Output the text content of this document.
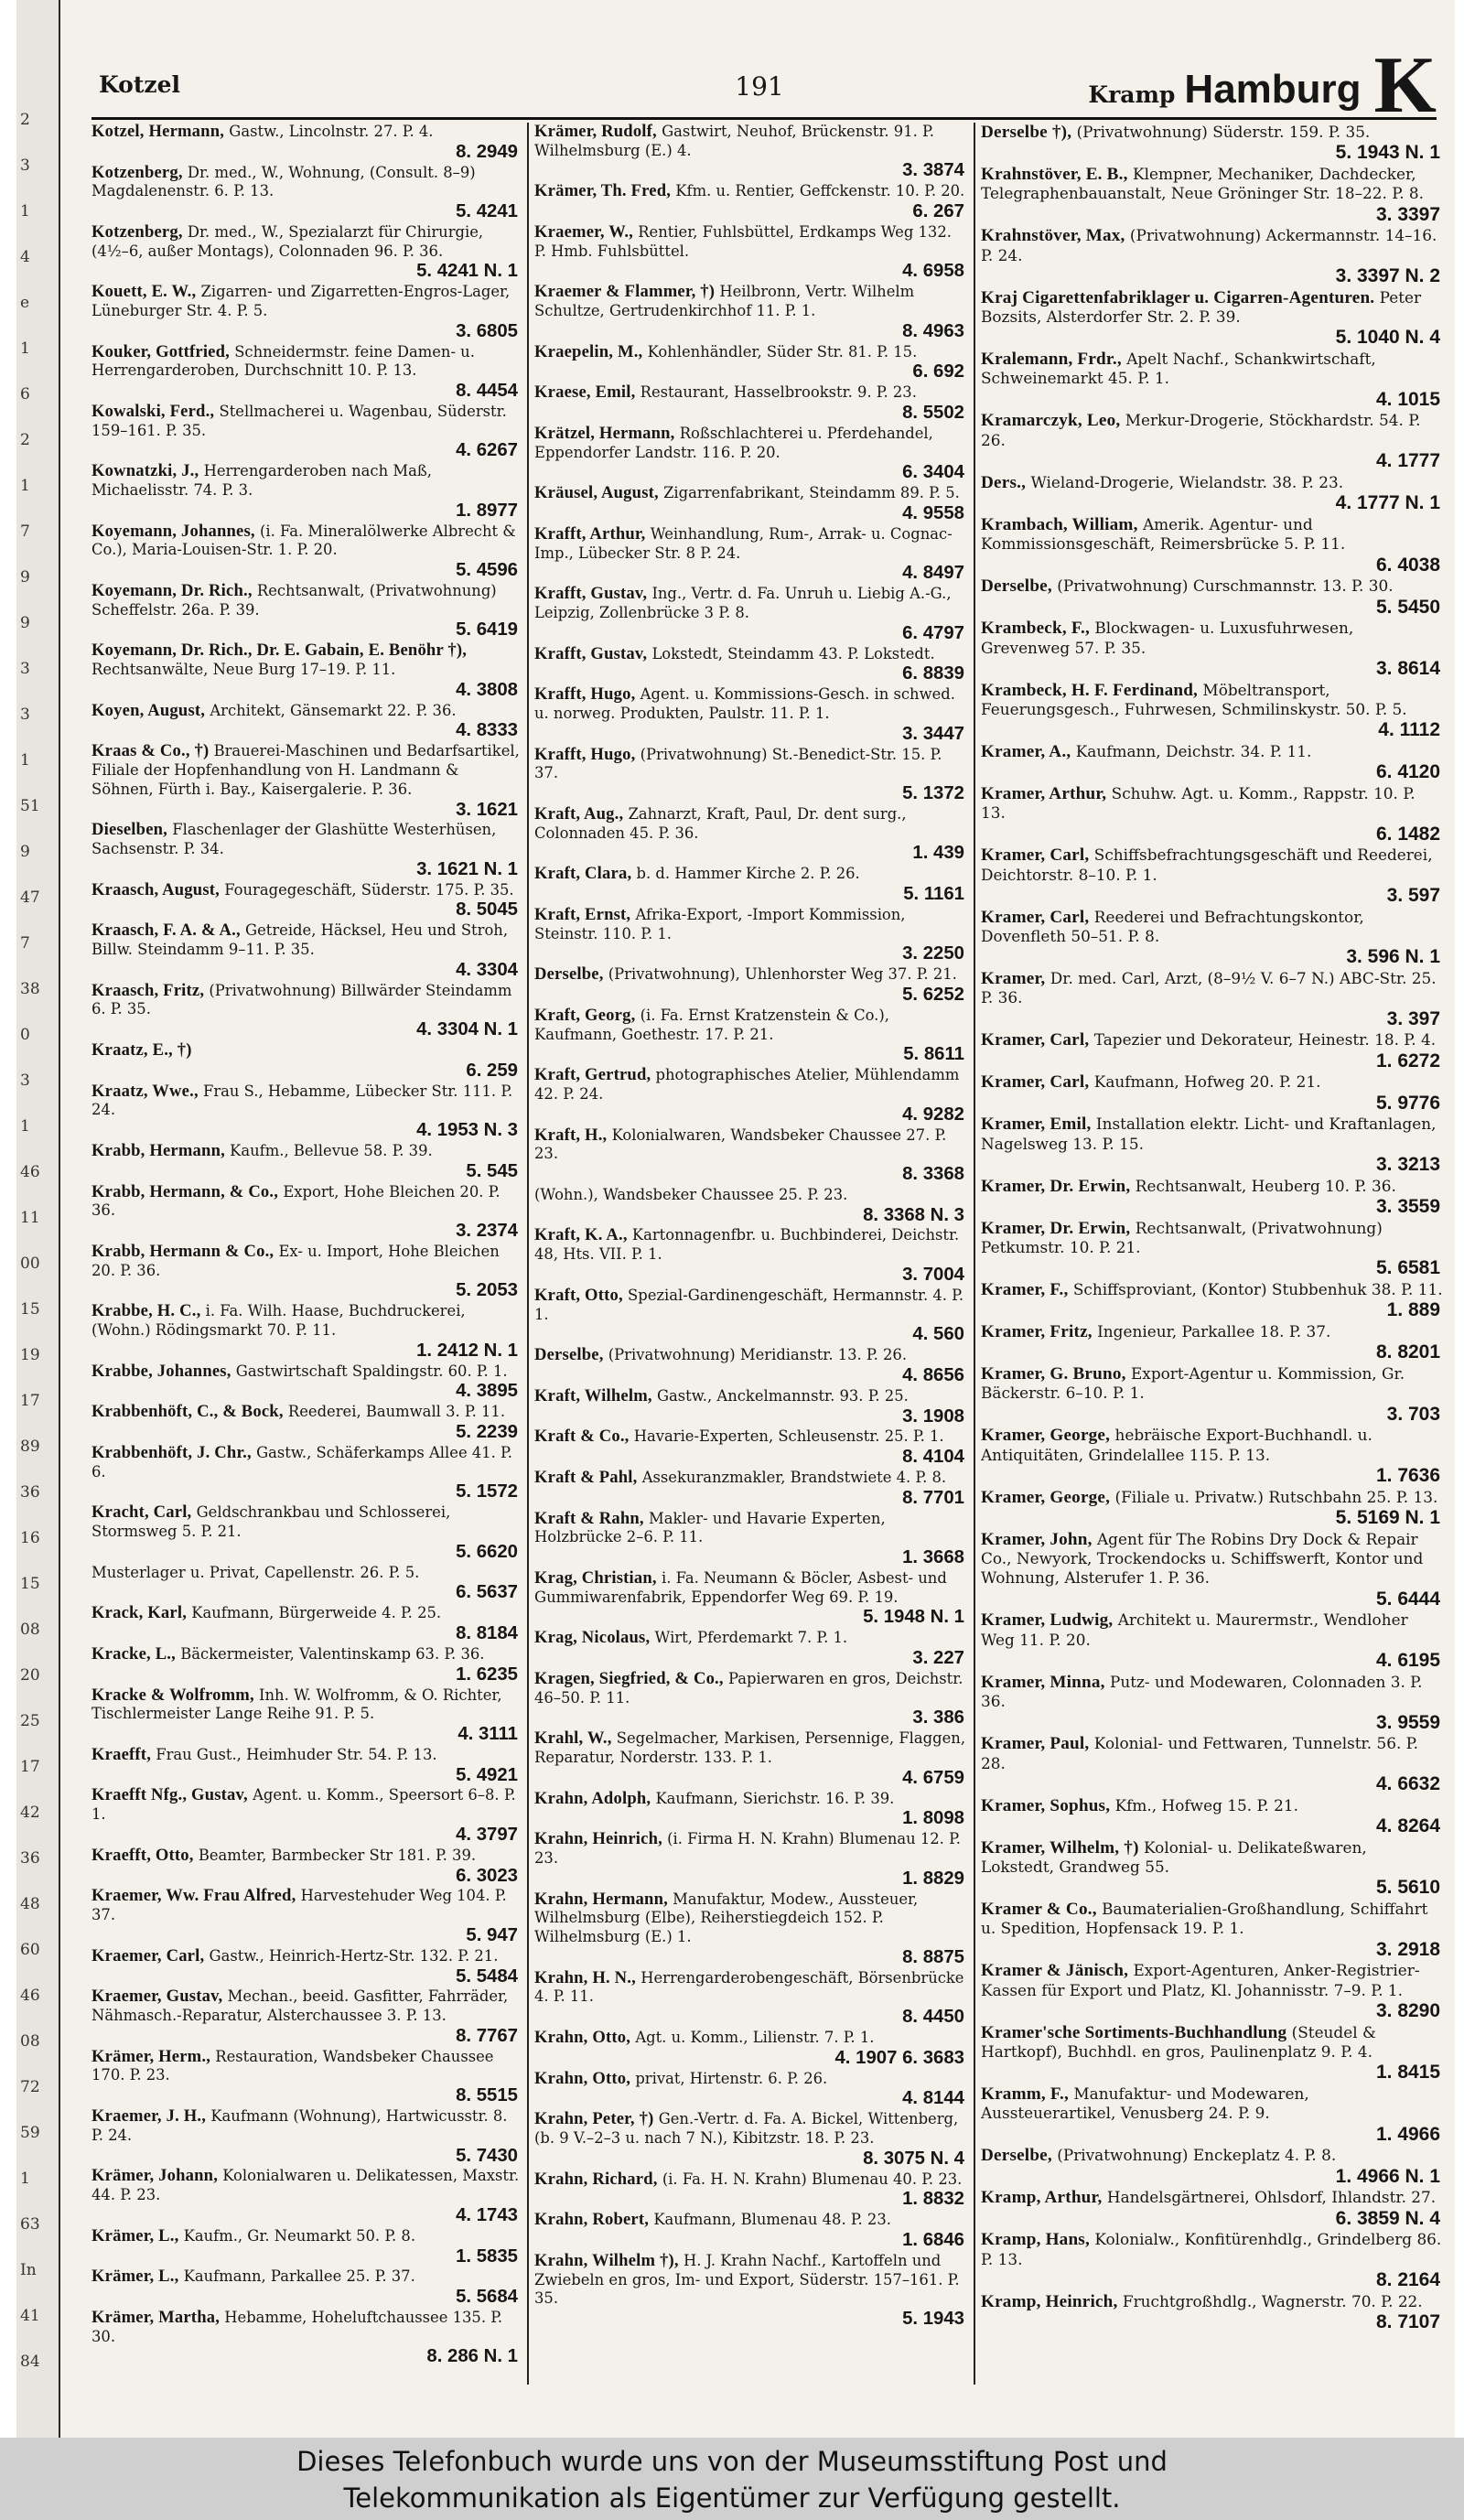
2
3
1
4
e
1
6
2
1
7
9
9
3
3
1
51
9
47
7
38
0
3
1
46
11
00
15
19
17
89
36
16
15
08
20
25
17
42
36
48
60
46
08
72
59
1
63
In
41
84
Kotzel	191	Kramp Hamburg K
Kotzel, Hermann, Gastw., Lincolnstr. 27. P. 4.
8. 2949
Kotzenberg, Dr. med., W., Wohnung, (Consult. 8–9) Magdalenenstr. 6. P. 13.
5. 4241
Kotzenberg, Dr. med., W., Spezialarzt für Chirurgie, (4½–6, außer Montags), Colonnaden 96. P. 36.
5. 4241 N. 1
Kouett, E. W., Zigarren- und Zigarretten-Engros-Lager, Lüneburger Str. 4. P. 5.
3. 6805
Kouker, Gottfried, Schneidermstr. feine Damen- u. Herrengarderoben, Durchschnitt 10. P. 13.
8. 4454
Kowalski, Ferd., Stellmacherei u. Wagenbau, Süderstr. 159–161. P. 35.
4. 6267
Kownatzki, J., Herrengarderoben nach Maß, Michaelisstr. 74. P. 3.
1. 8977
Koyemann, Johannes, (i. Fa. Mineralölwerke Albrecht & Co.), Maria-Louisen-Str. 1. P. 20.
5. 4596
Koyemann, Dr. Rich., Rechtsanwalt, (Privatwohnung) Scheffelstr. 26a. P. 39.
5. 6419
Koyemann, Dr. Rich., Dr. E. Gabain, E. Benöhr †), Rechtsanwälte, Neue Burg 17–19. P. 11.
4. 3808
Koyen, August, Architekt, Gänsemarkt 22. P. 36.
4. 8333
Kraas & Co., †) Brauerei-Maschinen und Bedarfsartikel, Filiale der Hopfenhandlung von H. Landmann & Söhnen, Fürth i. Bay., Kaisergalerie. P. 36.
3. 1621
Dieselben, Flaschenlager der Glashütte Westerhüsen, Sachsenstr. P. 34.
3. 1621 N. 1
Kraasch, August, Fouragegeschäft, Süderstr. 175. P. 35.
8. 5045
Kraasch, F. A. & A., Getreide, Häcksel, Heu und Stroh, Billw. Steindamm 9–11. P. 35.
4. 3304
Kraasch, Fritz, (Privatwohnung) Billwärder Steindamm 6. P. 35.
4. 3304 N. 1
Kraatz, E., †)
6. 259
Kraatz, Wwe., Frau S., Hebamme, Lübecker Str. 111. P. 24.
4. 1953 N. 3
Krabb, Hermann, Kaufm., Bellevue 58. P. 39.
5. 545
Krabb, Hermann, & Co., Export, Hohe Bleichen 20. P. 36.
3. 2374
Krabb, Hermann & Co., Ex- u. Import, Hohe Bleichen 20. P. 36.
5. 2053
Krabbe, H. C., i. Fa. Wilh. Haase, Buchdruckerei, (Wohn.) Rödingsmarkt 70. P. 11.
1. 2412 N. 1
Krabbe, Johannes, Gastwirtschaft Spaldingstr. 60. P. 1.
4. 3895
Krabbenhöft, C., & Bock, Reederei, Baumwall 3. P. 11.
5. 2239
Krabbenhöft, J. Chr., Gastw., Schäferkamps Allee 41. P. 6.
5. 1572
Kracht, Carl, Geldschrankbau und Schlosserei, Stormsweg 5. P. 21.
5. 6620
Musterlager u. Privat, Capellenstr. 26. P. 5.
6. 5637
Krack, Karl, Kaufmann, Bürgerweide 4. P. 25.
8. 8184
Kracke, L., Bäckermeister, Valentinskamp 63. P. 36.
1. 6235
Kracke & Wolfromm, Inh. W. Wolfromm, & O. Richter, Tischlermeister Lange Reihe 91. P. 5.
4. 3111
Kraefft, Frau Gust., Heimhuder Str. 54. P. 13.
5. 4921
Kraefft Nfg., Gustav, Agent. u. Komm., Speersort 6–8. P. 1.
4. 3797
Kraefft, Otto, Beamter, Barmbecker Str 181. P. 39.
6. 3023
Kraemer, Ww. Frau Alfred, Harvestehuder Weg 104. P. 37.
5. 947
Kraemer, Carl, Gastw., Heinrich-Hertz-Str. 132. P. 21.
5. 5484
Kraemer, Gustav, Mechan., beeid. Gasfitter, Fahrräder, Nähmasch.-Reparatur, Alsterchaussee 3. P. 13.
8. 7767
Krämer, Herm., Restauration, Wandsbeker Chaussee 170. P. 23.
8. 5515
Kraemer, J. H., Kaufmann (Wohnung), Hartwicusstr. 8. P. 24.
5. 7430
Krämer, Johann, Kolonialwaren u. Delikatessen, Maxstr. 44. P. 23.
4. 1743
Krämer, L., Kaufm., Gr. Neumarkt 50. P. 8.
1. 5835
Krämer, L., Kaufmann, Parkallee 25. P. 37.
5. 5684
Krämer, Martha, Hebamme, Hoheluftchaussee 135. P. 30.
8. 286 N. 1
Krämer, Rudolf, Gastwirt, Neuhof, Brückenstr. 91. P. Wilhelmsburg (E.) 4.
3. 3874
Krämer, Th. Fred, Kfm. u. Rentier, Geffckenstr. 10. P. 20.
6. 267
Kraemer, W., Rentier, Fuhlsbüttel, Erdkamps Weg 132. P. Hmb. Fuhlsbüttel.
4. 6958
Kraemer & Flammer, †) Heilbronn, Vertr. Wilhelm Schultze, Gertrudenkirchhof 11. P. 1.
8. 4963
Kraepelin, M., Kohlenhändler, Süder Str. 81. P. 15.
6. 692
Kraese, Emil, Restaurant, Hasselbrookstr. 9. P. 23.
8. 5502
Krätzel, Hermann, Roßschlachterei u. Pferdehandel, Eppendorfer Landstr. 116. P. 20.
6. 3404
Kräusel, August, Zigarrenfabrikant, Steindamm 89. P. 5.
4. 9558
Krafft, Arthur, Weinhandlung, Rum-, Arrak- u. Cognac-Imp., Lübecker Str. 8 P. 24.
4. 8497
Krafft, Gustav, Ing., Vertr. d. Fa. Unruh u. Liebig A.-G., Leipzig, Zollenbrücke 3 P. 8.
6. 4797
Krafft, Gustav, Lokstedt, Steindamm 43. P. Lokstedt.
6. 8839
Krafft, Hugo, Agent. u. Kommissions-Gesch. in schwed. u. norweg. Produkten, Paulstr. 11. P. 1.
3. 3447
Krafft, Hugo, (Privatwohnung) St.-Benedict-Str. 15. P. 37.
5. 1372
Kraft, Aug., Zahnarzt, Kraft, Paul, Dr. dent surg., Colonnaden 45. P. 36.
1. 439
Kraft, Clara, b. d. Hammer Kirche 2. P. 26.
5. 1161
Kraft, Ernst, Afrika-Export, -Import Kommission, Steinstr. 110. P. 1.
3. 2250
Derselbe, (Privatwohnung), Uhlenhorster Weg 37. P. 21.
5. 6252
Kraft, Georg, (i. Fa. Ernst Kratzenstein & Co.), Kaufmann, Goethestr. 17. P. 21.
5. 8611
Kraft, Gertrud, photographisches Atelier, Mühlendamm 42. P. 24.
4. 9282
Kraft, H., Kolonialwaren, Wandsbeker Chaussee 27. P. 23.
8. 3368
(Wohn.), Wandsbeker Chaussee 25. P. 23.
8. 3368 N. 3
Kraft, K. A., Kartonnagenfbr. u. Buchbinderei, Deichstr. 48, Hts. VII. P. 1.
3. 7004
Kraft, Otto, Spezial-Gardinengeschäft, Hermannstr. 4. P. 1.
4. 560
Derselbe, (Privatwohnung) Meridianstr. 13. P. 26.
4. 8656
Kraft, Wilhelm, Gastw., Anckelmannstr. 93. P. 25.
3. 1908
Kraft & Co., Havarie-Experten, Schleusenstr. 25. P. 1.
8. 4104
Kraft & Pahl, Assekuranzmakler, Brandstwiete 4. P. 8.
8. 7701
Kraft & Rahn, Makler- und Havarie Experten, Holzbrücke 2–6. P. 11.
1. 3668
Krag, Christian, i. Fa. Neumann & Böcler, Asbest- und Gummiwarenfabrik, Eppendorfer Weg 69. P. 19.
5. 1948 N. 1
Krag, Nicolaus, Wirt, Pferdemarkt 7. P. 1.
3. 227
Kragen, Siegfried, & Co., Papierwaren en gros, Deichstr. 46–50. P. 11.
3. 386
Krahl, W., Segelmacher, Markisen, Persennige, Flaggen, Reparatur, Norderstr. 133. P. 1.
4. 6759
Krahn, Adolph, Kaufmann, Sierichstr. 16. P. 39.
1. 8098
Krahn, Heinrich, (i. Firma H. N. Krahn) Blumenau 12. P. 23.
1. 8829
Krahn, Hermann, Manufaktur, Modew., Aussteuer, Wilhelmsburg (Elbe), Reiherstiegdeich 152. P. Wilhelmsburg (E.) 1.
8. 8875
Krahn, H. N., Herrengarderobengeschäft, Börsenbrücke 4. P. 11.
8. 4450
Krahn, Otto, Agt. u. Komm., Lilienstr. 7. P. 1.
4. 1907 6. 3683
Krahn, Otto, privat, Hirtenstr. 6. P. 26.
4. 8144
Krahn, Peter, †) Gen.-Vertr. d. Fa. A. Bickel, Wittenberg, (b. 9 V.–2–3 u. nach 7 N.), Kibitzstr. 18. P. 23.
8. 3075 N. 4
Krahn, Richard, (i. Fa. H. N. Krahn) Blumenau 40. P. 23.
1. 8832
Krahn, Robert, Kaufmann, Blumenau 48. P. 23.
1. 6846
Krahn, Wilhelm †), H. J. Krahn Nachf., Kartoffeln und Zwiebeln en gros, Im- und Export, Süderstr. 157–161. P. 35.
5. 1943
Derselbe †), (Privatwohnung) Süderstr. 159. P. 35.
5. 1943 N. 1
Krahnstöver, E. B., Klempner, Mechaniker, Dachdecker, Telegraphenbauanstalt, Neue Gröninger Str. 18–22. P. 8.
3. 3397
Krahnstöver, Max, (Privatwohnung) Ackermannstr. 14–16. P. 24.
3. 3397 N. 2
Kraj Cigarettenfabriklager u. Cigarren-Agenturen. Peter Bozsits, Alsterdorfer Str. 2. P. 39.
5. 1040 N. 4
Kralemann, Frdr., Apelt Nachf., Schankwirtschaft, Schweinemarkt 45. P. 1.
4. 1015
Kramarczyk, Leo, Merkur-Drogerie, Stöckhardstr. 54. P. 26.
4. 1777
Ders., Wieland-Drogerie, Wielandstr. 38. P. 23.
4. 1777 N. 1
Krambach, William, Amerik. Agentur- und Kommissionsgeschäft, Reimersbrücke 5. P. 11.
6. 4038
Derselbe, (Privatwohnung) Curschmannstr. 13. P. 30.
5. 5450
Krambeck, F., Blockwagen- u. Luxusfuhrwesen, Grevenweg 57. P. 35.
3. 8614
Krambeck, H. F. Ferdinand, Möbeltransport, Feuerungsgesch., Fuhrwesen, Schmilinskystr. 50. P. 5.
4. 1112
Kramer, A., Kaufmann, Deichstr. 34. P. 11.
6. 4120
Kramer, Arthur, Schuhw. Agt. u. Komm., Rappstr. 10. P. 13.
6. 1482
Kramer, Carl, Schiffsbefrachtungsgeschäft und Reederei, Deichtorstr. 8–10. P. 1.
3. 597
Kramer, Carl, Reederei und Befrachtungskontor, Dovenfleth 50–51. P. 8.
3. 596 N. 1
Kramer, Dr. med. Carl, Arzt, (8–9½ V. 6–7 N.) ABC-Str. 25. P. 36.
3. 397
Kramer, Carl, Tapezier und Dekorateur, Heinestr. 18. P. 4.
1. 6272
Kramer, Carl, Kaufmann, Hofweg 20. P. 21.
5. 9776
Kramer, Emil, Installation elektr. Licht- und Kraftanlagen, Nagelsweg 13. P. 15.
3. 3213
Kramer, Dr. Erwin, Rechtsanwalt, Heuberg 10. P. 36.
3. 3559
Kramer, Dr. Erwin, Rechtsanwalt, (Privatwohnung) Petkumstr. 10. P. 21.
5. 6581
Kramer, F., Schiffsproviant, (Kontor) Stubbenhuk 38. P. 11.
1. 889
Kramer, Fritz, Ingenieur, Parkallee 18. P. 37.
8. 8201
Kramer, G. Bruno, Export-Agentur u. Kommission, Gr. Bäckerstr. 6–10. P. 1.
3. 703
Kramer, George, hebräische Export-Buchhandl. u. Antiquitäten, Grindelallee 115. P. 13.
1. 7636
Kramer, George, (Filiale u. Privatw.) Rutschbahn 25. P. 13.
5. 5169 N. 1
Kramer, John, Agent für The Robins Dry Dock & Repair Co., Newyork, Trockendocks u. Schiffswerft, Kontor und Wohnung, Alsterufer 1. P. 36.
5. 6444
Kramer, Ludwig, Architekt u. Maurermstr., Wendloher Weg 11. P. 20.
4. 6195
Kramer, Minna, Putz- und Modewaren, Colonnaden 3. P. 36.
3. 9559
Kramer, Paul, Kolonial- und Fettwaren, Tunnelstr. 56. P. 28.
4. 6632
Kramer, Sophus, Kfm., Hofweg 15. P. 21.
4. 8264
Kramer, Wilhelm, †) Kolonial- u. Delikateßwaren, Lokstedt, Grandweg 55.
5. 5610
Kramer & Co., Baumaterialien-Großhandlung, Schiffahrt u. Spedition, Hopfensack 19. P. 1.
3. 2918
Kramer & Jänisch, Export-Agenturen, Anker-Registrier-Kassen für Export und Platz, Kl. Johannisstr. 7–9. P. 1.
3. 8290
Kramer'sche Sortiments-Buchhandlung (Steudel & Hartkopf), Buchhdl. en gros, Paulinenplatz 9. P. 4.
1. 8415
Kramm, F., Manufaktur- und Modewaren, Aussteuerartikel, Venusberg 24. P. 9.
1. 4966
Derselbe, (Privatwohnung) Enckeplatz 4. P. 8.
1. 4966 N. 1
Kramp, Arthur, Handelsgärtnerei, Ohlsdorf, Ihlandstr. 27.
6. 3859 N. 4
Kramp, Hans, Kolonialw., Konfitürenhdlg., Grindelberg 86. P. 13.
8. 2164
Kramp, Heinrich, Fruchtgroßhdlg., Wagnerstr. 70. P. 22.
8. 7107
Dieses Telefonbuch wurde uns von der Museumsstiftung Post und
Telekommunikation als Eigentümer zur Verfügung gestellt.
